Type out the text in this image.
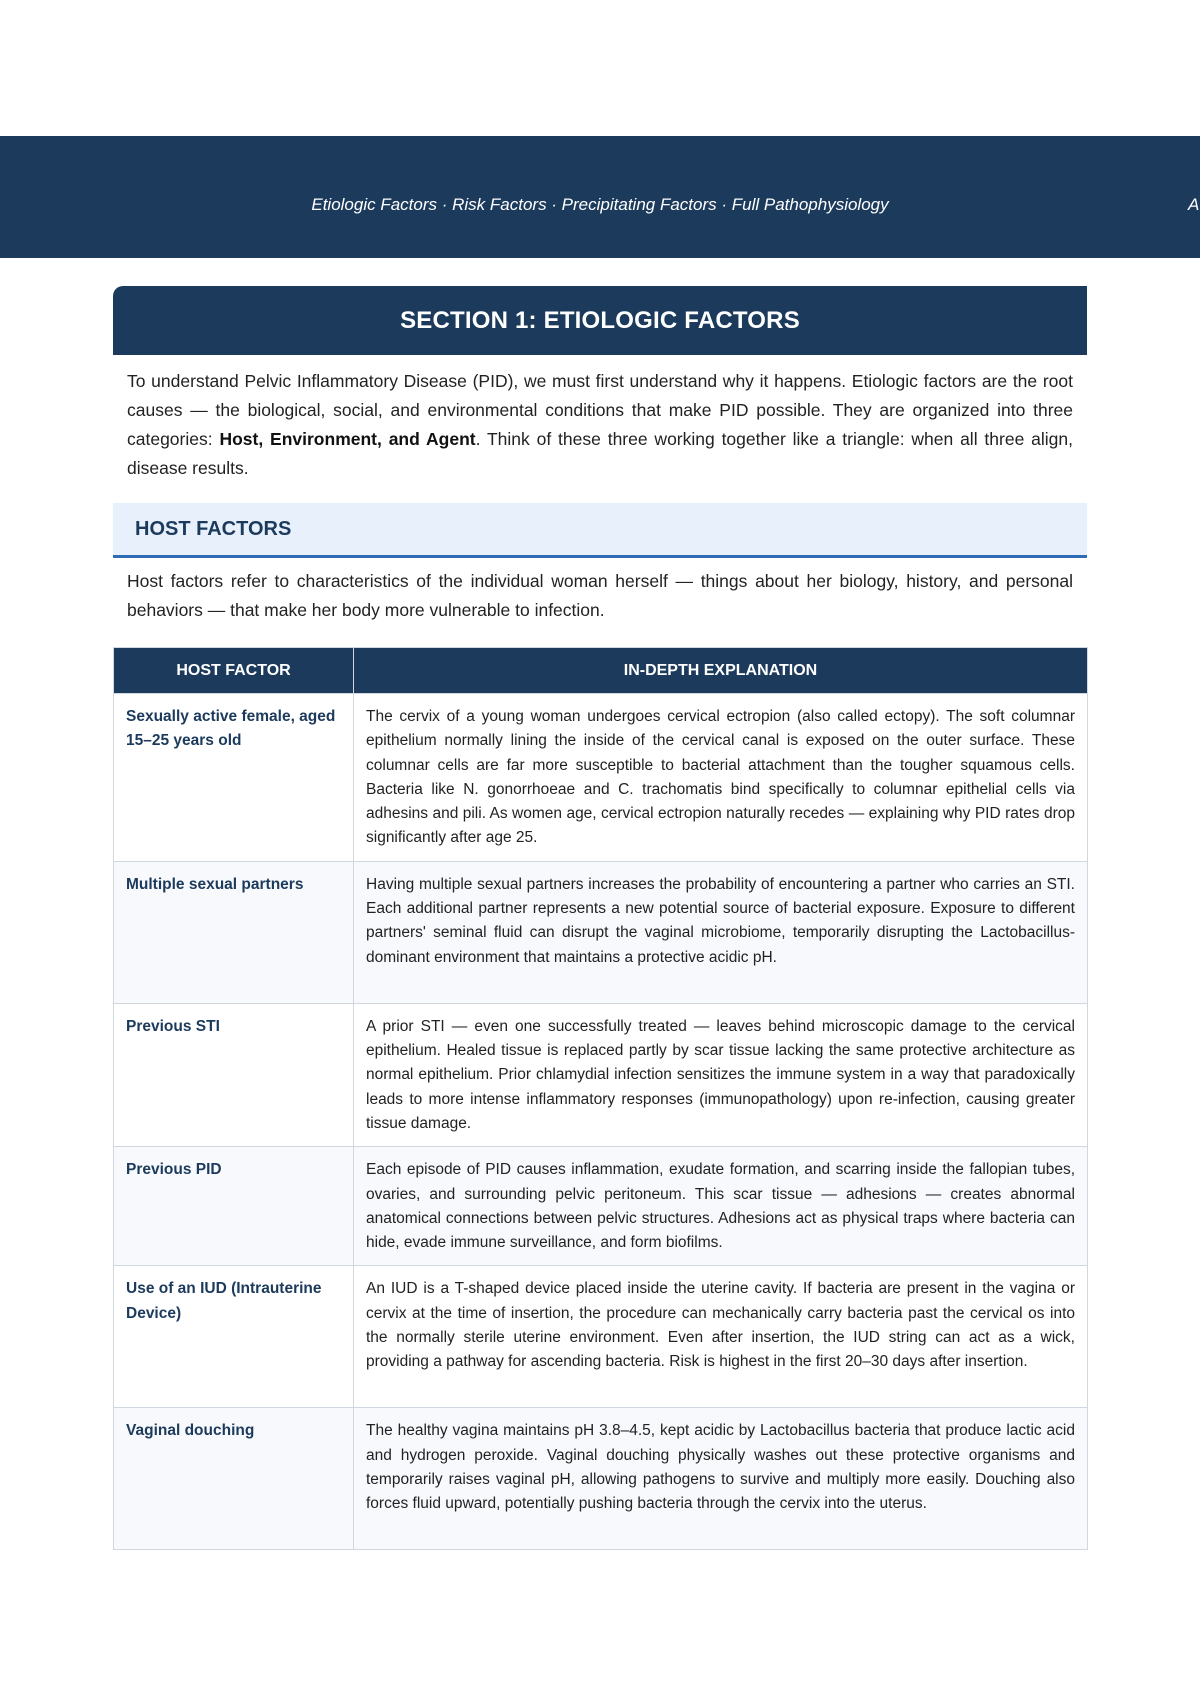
Etiologic Factors · Risk Factors · Precipitating Factors · Full Pathophysiology	A
SECTION 1: ETIOLOGIC FACTORS

To understand Pelvic Inflammatory Disease (PID), we must first understand why it happens. Etiologic factors are the root causes — the biological, social, and environmental conditions that make PID possible. They are organized into three categories: Host, Environment, and Agent. Think of these three working together like a triangle: when all three align, disease results.

HOST FACTORS

Host factors refer to characteristics of the individual woman herself — things about her biology, history, and personal behaviors — that make her body more vulnerable to infection.

HOST FACTOR	IN-DEPTH EXPLANATION
Sexually active female, aged 15–25 years old	The cervix of a young woman undergoes cervical ectropion (also called ectopy). The soft columnar epithelium normally lining the inside of the cervical canal is exposed on the outer surface. These columnar cells are far more susceptible to bacterial attachment than the tougher squamous cells. Bacteria like N. gonorrhoeae and C. trachomatis bind specifically to columnar epithelial cells via adhesins and pili. As women age, cervical ectropion naturally recedes — explaining why PID rates drop significantly after age 25.
Multiple sexual partners	Having multiple sexual partners increases the probability of encountering a partner who carries an STI. Each additional partner represents a new potential source of bacterial exposure. Exposure to different partners' seminal fluid can disrupt the vaginal microbiome, temporarily disrupting the Lactobacillus-dominant environment that maintains a protective acidic pH.
Previous STI	A prior STI — even one successfully treated — leaves behind microscopic damage to the cervical epithelium. Healed tissue is replaced partly by scar tissue lacking the same protective architecture as normal epithelium. Prior chlamydial infection sensitizes the immune system in a way that paradoxically leads to more intense inflammatory responses (immunopathology) upon re-infection, causing greater tissue damage.
Previous PID	Each episode of PID causes inflammation, exudate formation, and scarring inside the fallopian tubes, ovaries, and surrounding pelvic peritoneum. This scar tissue — adhesions — creates abnormal anatomical connections between pelvic structures. Adhesions act as physical traps where bacteria can hide, evade immune surveillance, and form biofilms.
Use of an IUD (Intrauterine Device)	An IUD is a T-shaped device placed inside the uterine cavity. If bacteria are present in the vagina or cervix at the time of insertion, the procedure can mechanically carry bacteria past the cervical os into the normally sterile uterine environment. Even after insertion, the IUD string can act as a wick, providing a pathway for ascending bacteria. Risk is highest in the first 20–30 days after insertion.
Vaginal douching	The healthy vagina maintains pH 3.8–4.5, kept acidic by Lactobacillus bacteria that produce lactic acid and hydrogen peroxide. Vaginal douching physically washes out these protective organisms and temporarily raises vaginal pH, allowing pathogens to survive and multiply more easily. Douching also forces fluid upward, potentially pushing bacteria through the cervix into the uterus.
